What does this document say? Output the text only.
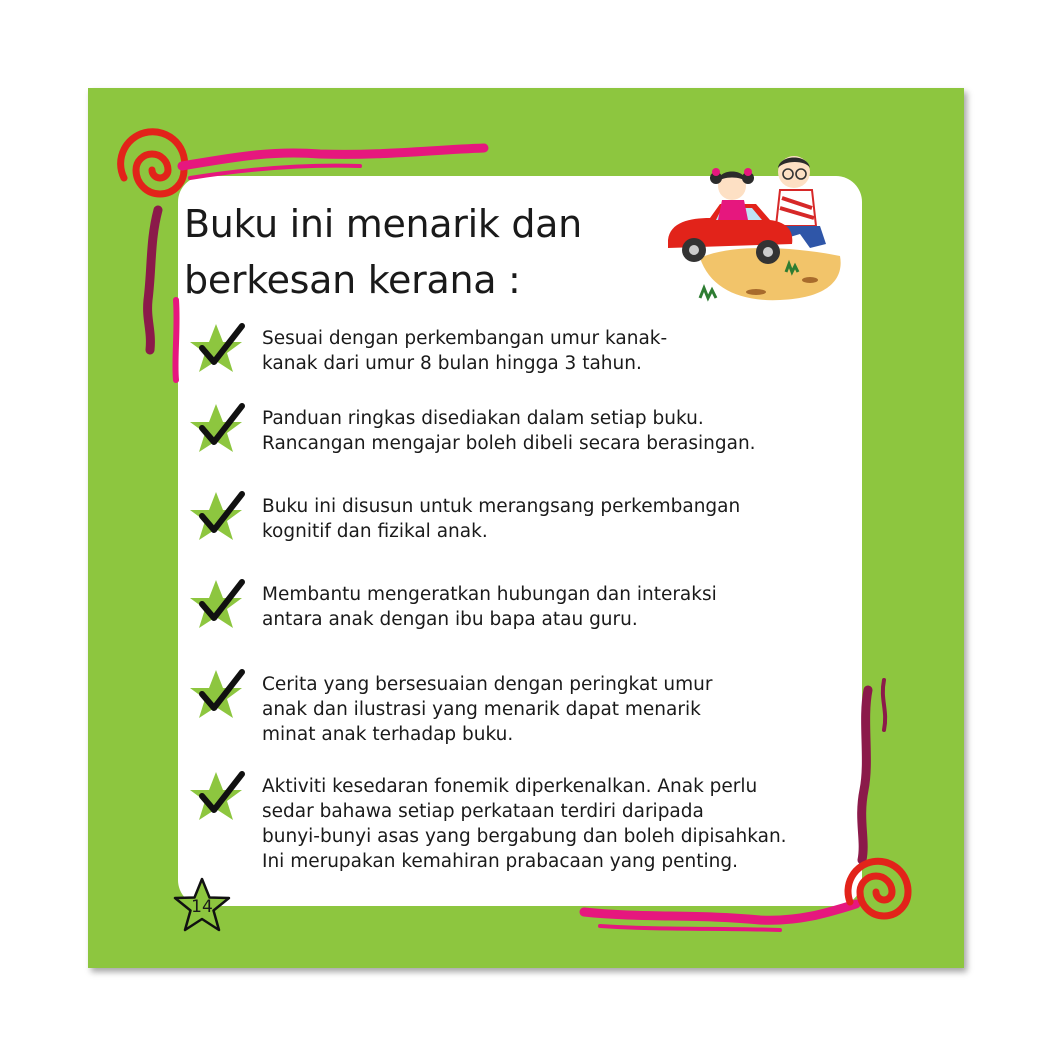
Buku ini menarik dan
berkesan kerana :

Sesuai dengan perkembangan umur kanak-
kanak dari umur 8 bulan hingga 3 tahun.

Panduan ringkas disediakan dalam setiap buku.
Rancangan mengajar boleh dibeli secara berasingan.

Buku ini disusun untuk merangsang perkembangan
kognitif dan fizikal anak.

Membantu mengeratkan hubungan dan interaksi
antara anak dengan ibu bapa atau guru.

Cerita yang bersesuaian dengan peringkat umur
anak dan ilustrasi yang menarik dapat menarik
minat anak terhadap buku.

Aktiviti kesedaran fonemik diperkenalkan. Anak perlu
sedar bahawa setiap perkataan terdiri daripada
bunyi-bunyi asas yang bergabung dan boleh dipisahkan.
Ini merupakan kemahiran prabacaan yang penting.

14
